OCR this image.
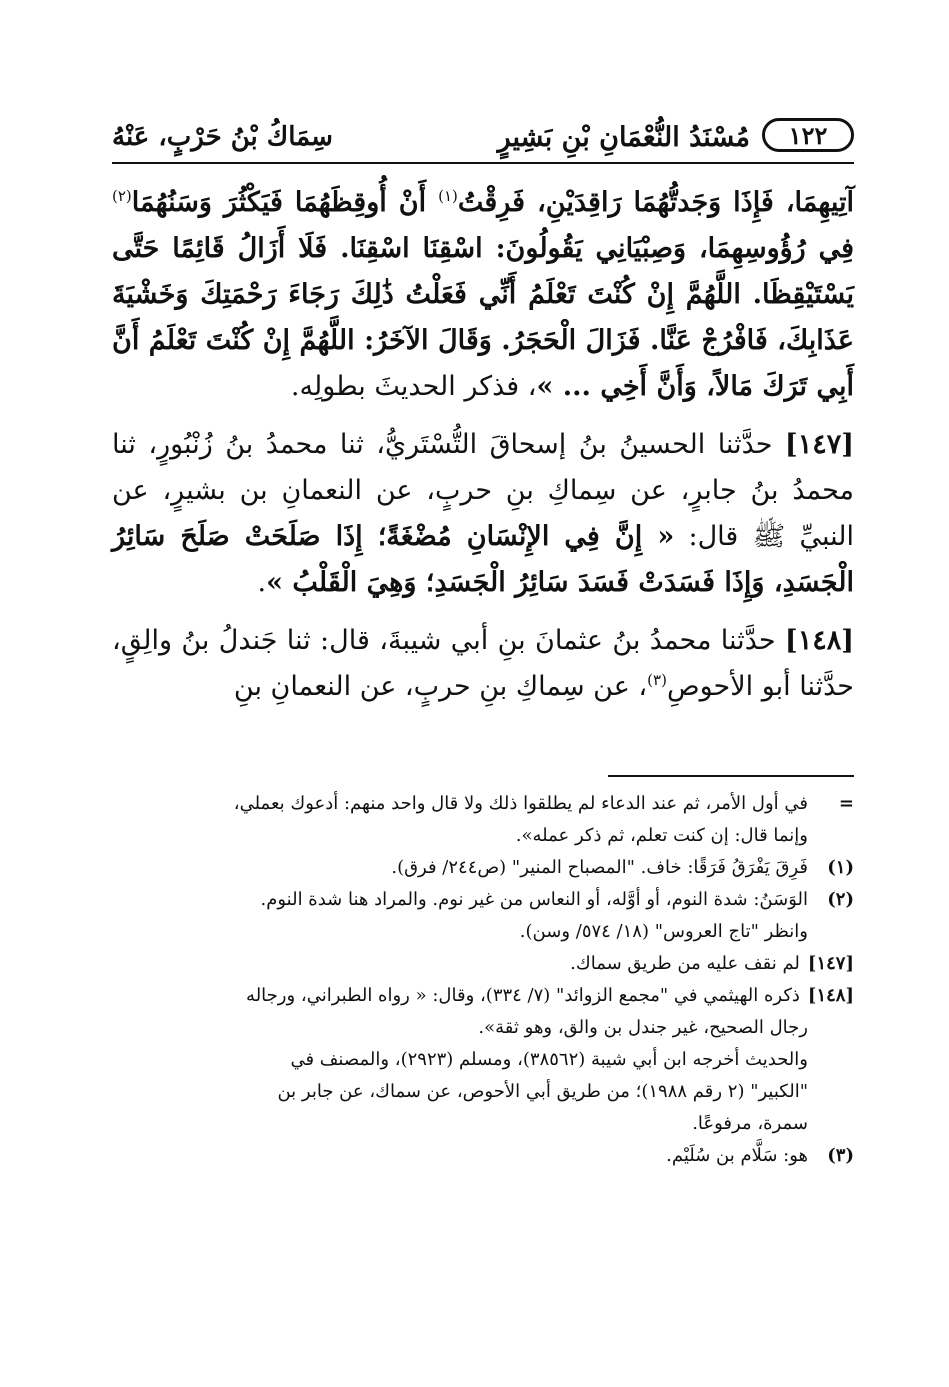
١٢٢
مُسْنَدُ النُّعْمَانِ بْنِ بَشِيرٍ
سِمَاكُ بْنُ حَرْبٍ، عَنْهُ

آتِيهِمَا، فَإِذَا وَجَدتُّهُمَا رَاقِدَيْنِ، فَرِقْتُ$^{(١)}$ أَنْ أُوقِظَهُمَا فَيَكْثُرَ وَسَنُهُمَا$^{(٢)}$ فِي رُؤُوسِهِمَا، وَصِبْيَانِي يَقُولُونَ: اسْقِنَا اسْقِنَا. فَلَا أَزَالُ قَائِمًا حَتَّى يَسْتَيْقِظَا. اللَّهُمَّ إِنْ كُنْتَ تَعْلَمُ أَنِّي فَعَلْتُ ذَٰلِكَ رَجَاءَ رَحْمَتِكَ وَخَشْيَةَ عَذَابِكَ، فَافْرُجْ عَنَّا. فَزَالَ الْحَجَرُ. وَقَالَ الآخَرُ: اللَّهُمَّ إِنْ كُنْتَ تَعْلَمُ أَنَّ أَبِي تَرَكَ مَالاً، وَأَنَّ أَخِي ... »، فذكر الحديثَ بطولِه.

[١٤٧] حدَّثنا الحسينُ بنُ إسحاقَ التُّسْتَريُّ، ثنا محمدُ بنُ زُنْبُورٍ، ثنا محمدُ بنُ جابرٍ، عن سِماكِ بنِ حربٍ، عن النعمانِ بن بشيرٍ، عن النبيِّ ﷺ قال: « إِنَّ فِي الإِنْسَانِ مُضْغَةً؛ إِذَا صَلَحَتْ صَلَحَ سَائِرُ الْجَسَدِ، وَإِذَا فَسَدَتْ فَسَدَ سَائِرُ الْجَسَدِ؛ وَهِيَ الْقَلْبُ ».

[١٤٨] حدَّثنا محمدُ بنُ عثمانَ بنِ أبي شيبةَ، قال: ثنا جَندلُ بنُ والِقٍ، حدَّثنا أبو الأحوصِ$^{(٣)}$، عن سِماكِ بنِ حربٍ، عن النعمانِ بنِ

=
في أول الأمر، ثم عند الدعاء لم يطلقوا ذلك ولا قال واحد منهم: أدعوك بعملي،
وإنما قال: إن كنت تعلم، ثم ذكر عمله».
(١)
فَرِقَ يَفْرَقُ فَرَقًا: خاف. "المصباح المنير" (ص٢٤٤/ فرق).
(٢)
الوَسَنُ: شدة النوم، أو أوَّله، أو النعاس من غير نوم. والمراد هنا شدة النوم.
وانظر "تاج العروس" (١٨/ ٥٧٤/ وسن).
[١٤٧]
لم نقف عليه من طريق سماك.
[١٤٨]
ذكره الهيثمي في "مجمع الزوائد" (٧/ ٣٣٤)، وقال: « رواه الطبراني، ورجاله
رجال الصحيح، غير جندل بن والق، وهو ثقة».
والحديث أخرجه ابن أبي شيبة (٣٨٥٦٢)، ومسلم (٢٩٢٣)، والمصنف في
"الكبير" (٢ رقم ١٩٨٨)؛ من طريق أبي الأحوص، عن سماك، عن جابر بن
سمرة، مرفوعًا.
(٣)
هو: سَلَّام بن سُلَيْم.
